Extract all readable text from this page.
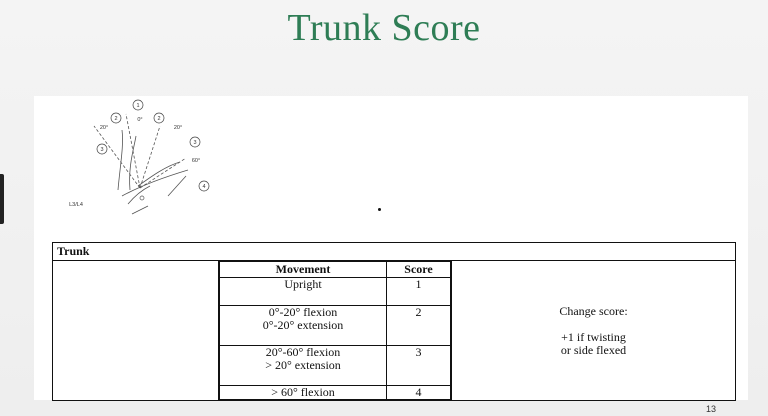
Trunk Score
1
0°
2	2
20°	20°
3
3
60°
4
L3/L4
Trunk

Movement	Score

Upright	1

0°-20° flexion
0°-20° extension
	2

20°-60° flexion
> 20° extension
	3

> 60° flexion	4

Change score:
+1 if twisting
or side flexed
13
